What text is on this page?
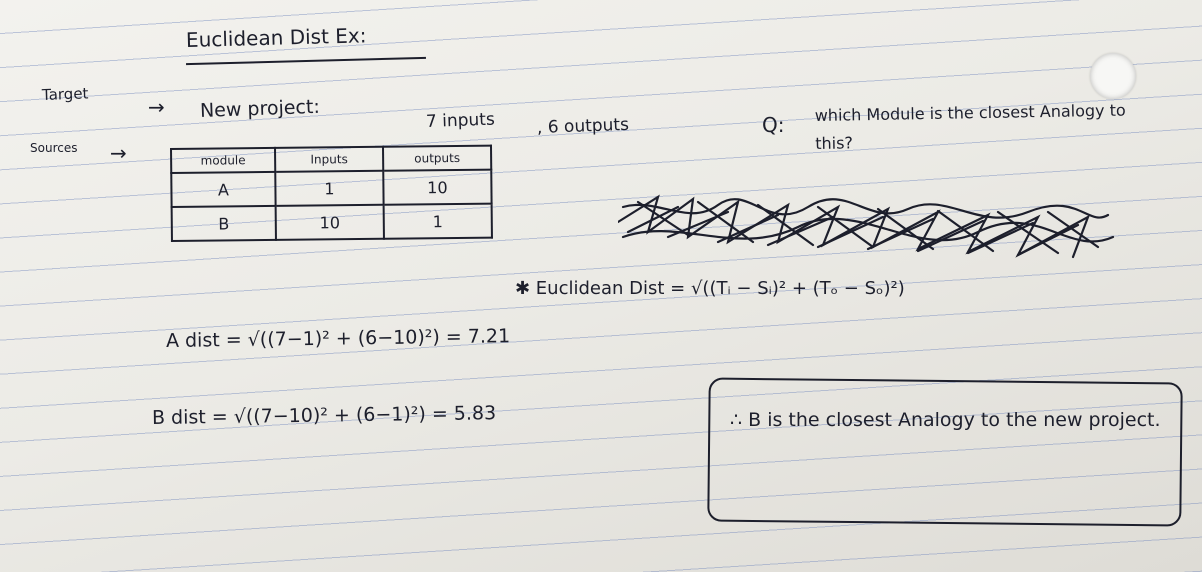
Euclidean Dist Ex:
Target
→ New project:	7 inputs , 6 outputs	Q: which Module is the closest Analogy to this?
Sources →	module	Inputs	outputs
A	1	10
B	10	1
✱ Euclidean Dist = √((Tᵢ − Sᵢ)² + (Tₒ − Sₒ)²)
A dist = √((7−1)² + (6−10)²) = 7.21
B dist = √((7−10)² + (6−1)²) = 5.83	∴ B is the closest Analogy to the new project.
